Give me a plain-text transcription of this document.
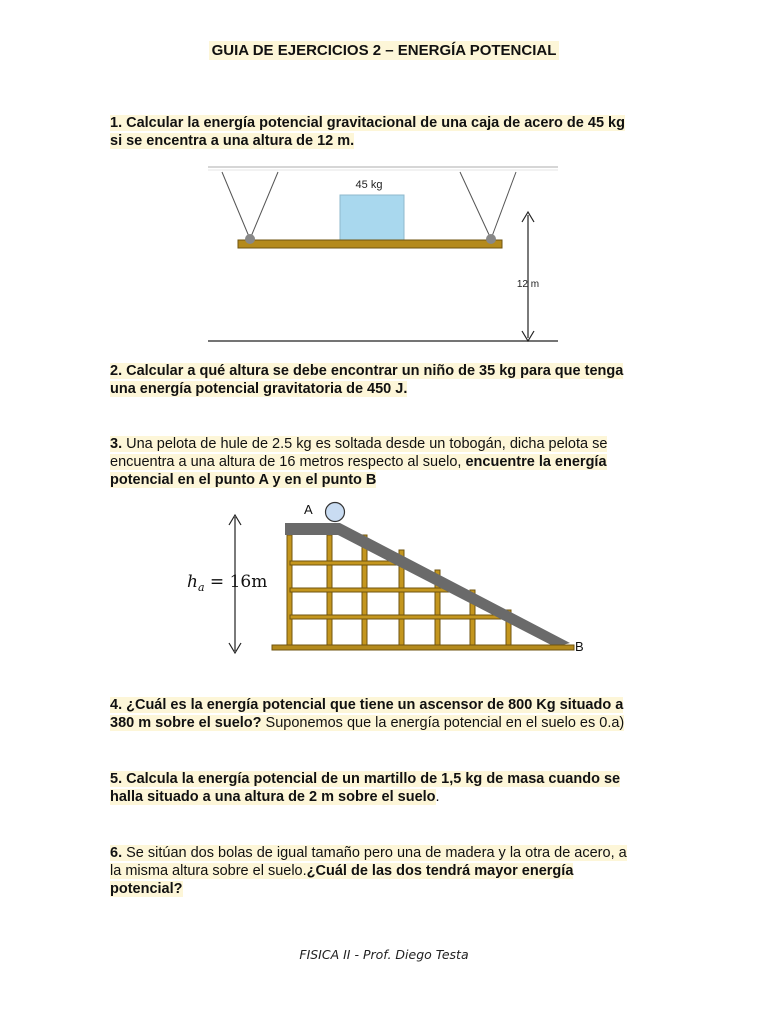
GUIA DE EJERCICIOS 2 – ENERGÍA POTENCIAL
1. Calcular la energía potencial gravitacional de una caja de acero de 45 kg
si se encentra a una altura de 12 m.
45 kg
12 m
2. Calcular a qué altura se debe encontrar un niño de 35 kg para que tenga
una energía potencial gravitatoria de 450 J.
3. Una pelota de hule de 2.5 kg es soltada desde un tobogán, dicha pelota se
encuentra a una altura de 16 metros respecto al suelo, encuentre la energía
potencial en el punto A y en el punto B
$h_a = 16m$
A
B
4. ¿Cuál es la energía potencial que tiene un ascensor de 800 Kg situado a
380 m sobre el suelo? Suponemos que la energía potencial en el suelo es 0.a)
5. Calcula la energía potencial de un martillo de 1,5 kg de masa cuando se
halla situado a una altura de 2 m sobre el suelo.
6. Se sitúan dos bolas de igual tamaño pero una de madera y la otra de acero, a
la misma altura sobre el suelo.¿Cuál de las dos tendrá mayor energía
potencial?
FISICA II - Prof. Diego Testa
